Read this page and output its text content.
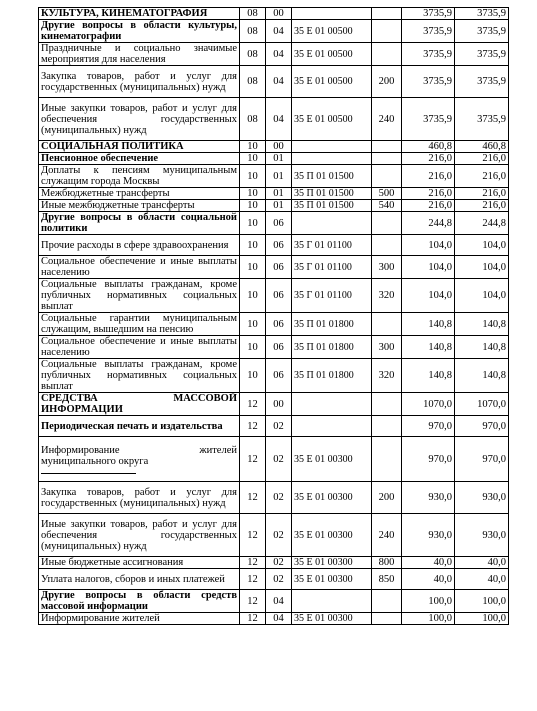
КУЛЬТУРА, КИНЕМАТОГРАФИЯ	08	00			3735,9	3735,9
Другие вопросы в области культуры, кинематографии	08	04	35 Е 01 00500		3735,9	3735,9
Праздничные и социально значимые мероприятия для населения	08	04	35 Е 01 00500		3735,9	3735,9
Закупка товаров, работ и услуг для государственных (муниципальных) нужд	08	04	35 Е 01 00500	200	3735,9	3735,9
Иные закупки товаров, работ и услуг для обеспечения государственных (муниципальных) нужд	08	04	35 Е 01 00500	240	3735,9	3735,9
СОЦИАЛЬНАЯ ПОЛИТИКА	10	00			460,8	460,8
Пенсионное обеспечение	10	01			216,0	216,0
Доплаты к пенсиям муниципальным служащим города Москвы	10	01	35 П 01 01500		216,0	216,0
Межбюджетные трансферты	10	01	35 П 01 01500	500	216,0	216,0
Иные межбюджетные трансферты	10	01	35 П 01 01500	540	216,0	216,0
Другие вопросы в области социальной политики	10	06			244,8	244,8
Прочие расходы в сфере здравоохранения	10	06	35 Г 01 01100		104,0	104,0
Социальное обеспечение и иные выплаты населению	10	06	35 Г 01 01100	300	104,0	104,0
Социальные выплаты гражданам, кроме публичных нормативных социальных выплат	10	06	35 Г 01 01100	320	104,0	104,0
Социальные гарантии муниципальным служащим, вышедшим на пенсию	10	06	35 П 01 01800		140,8	140,8
Социальное обеспечение и иные выплаты населению	10	06	35 П 01 01800	300	140,8	140,8
Социальные выплаты гражданам, кроме публичных нормативных социальных выплат	10	06	35 П 01 01800	320	140,8	140,8
СРЕДСТВА МАССОВОЙ ИНФОРМАЦИИ	12	00			1070,0	1070,0
Периодическая печать и издательства	12	02			970,0	970,0
Информирование жителей муниципального округа	12	02	35 Е 01 00300		970,0	970,0
Закупка товаров, работ и услуг для государственных (муниципальных) нужд	12	02	35 Е 01 00300	200	930,0	930,0
Иные закупки товаров, работ и услуг для обеспечения государственных (муниципальных) нужд	12	02	35 Е 01 00300	240	930,0	930,0
Иные бюджетные ассигнования	12	02	35 Е 01 00300	800	40,0	40,0
Уплата налогов, сборов и иных платежей	12	02	35 Е 01 00300	850	40,0	40,0
Другие вопросы в области средств массовой информации	12	04			100,0	100,0
Информирование жителей	12	04	35 Е 01 00300		100,0	100,0
